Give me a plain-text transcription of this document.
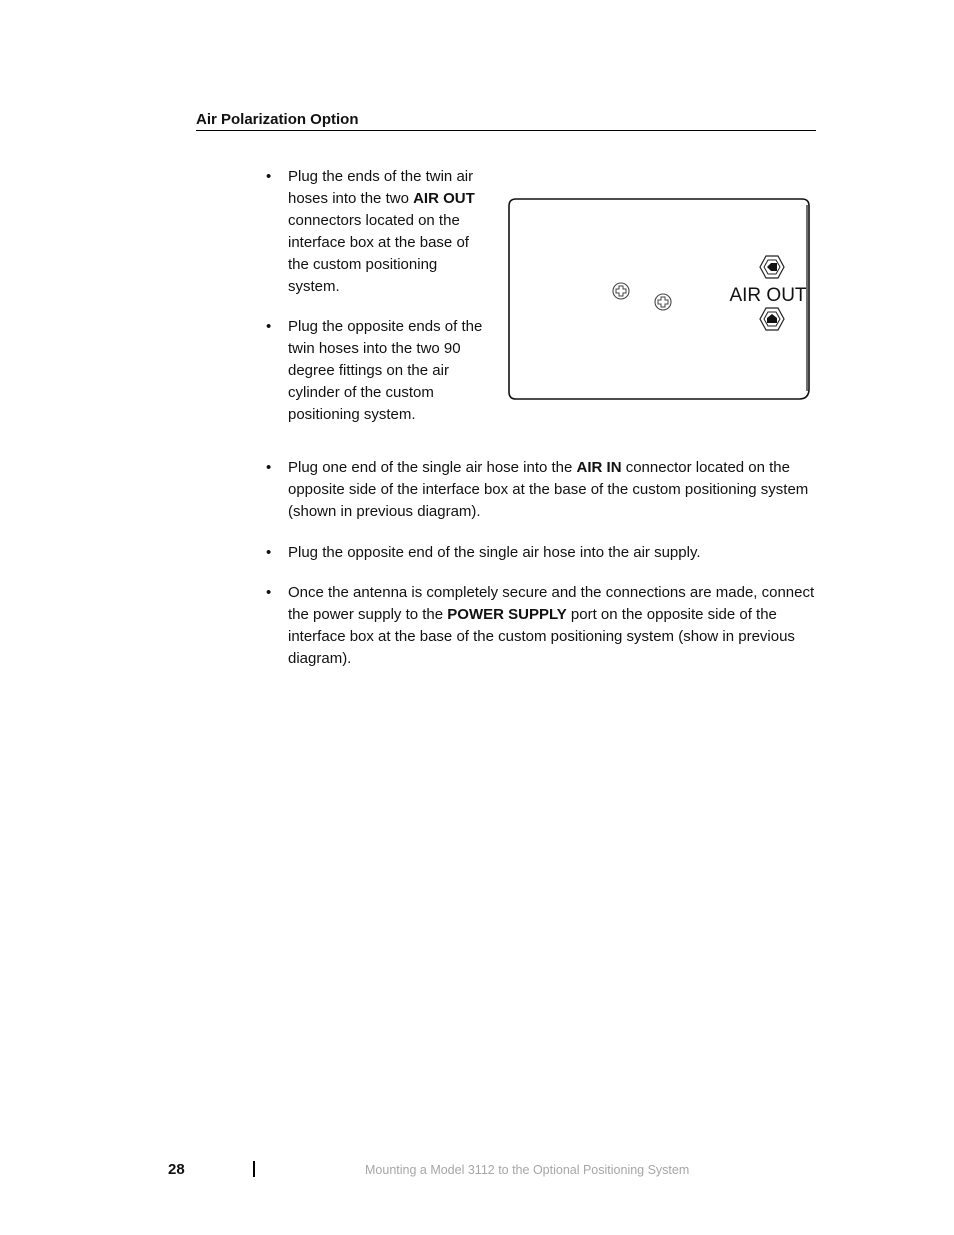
Air Polarization Option

• Plug the ends of the twin air hoses into the two AIR OUT connectors located on the interface box at the base of the custom positioning system.

• Plug the opposite ends of the twin hoses into the two 90 degree fittings on the air cylinder of the custom positioning system.

AIR OUT

• Plug one end of the single air hose into the AIR IN connector located on the opposite side of the interface box at the base of the custom positioning system (shown in previous diagram).

• Plug the opposite end of the single air hose into the air supply.

• Once the antenna is completely secure and the connections are made, connect the power supply to the POWER SUPPLY port on the opposite side of the interface box at the base of the custom positioning system (show in previous diagram).

28	Mounting a Model 3112 to the Optional Positioning System
